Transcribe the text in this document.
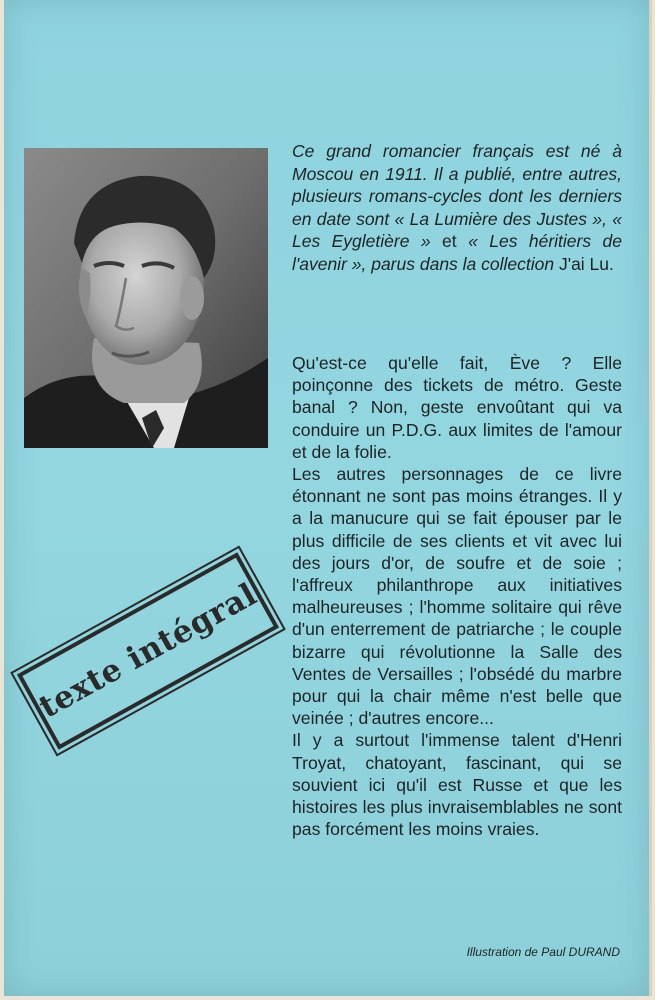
Ce grand romancier français est né à Moscou en 1911. Il a publié, entre autres, plusieurs romans-cycles dont les derniers en date sont « La Lumière des Justes », « Les Eygletière » et « Les héritiers de l'avenir », parus dans la collection J'ai Lu.

Qu'est-ce qu'elle fait, Ève ? Elle poinçonne des tickets de métro. Geste banal ? Non, geste envoûtant qui va conduire un P.D.G. aux limites de l'amour et de la folie.

Les autres personnages de ce livre étonnant ne sont pas moins étranges. Il y a la manucure qui se fait épouser par le plus difficile de ses clients et vit avec lui des jours d'or, de soufre et de soie ; l'affreux philanthrope aux initiatives malheureuses ; l'homme solitaire qui rêve d'un enterrement de patriarche ; le couple bizarre qui révolutionne la Salle des Ventes de Versailles ; l'obsédé du marbre pour qui la chair même n'est belle que veinée ; d'autres encore...

Il y a surtout l'immense talent d'Henri Troyat, chatoyant, fascinant, qui se souvient ici qu'il est Russe et que les histoires les plus invraisemblables ne sont pas forcément les moins vraies.

texte intégral
Illustration de Paul DURAND
